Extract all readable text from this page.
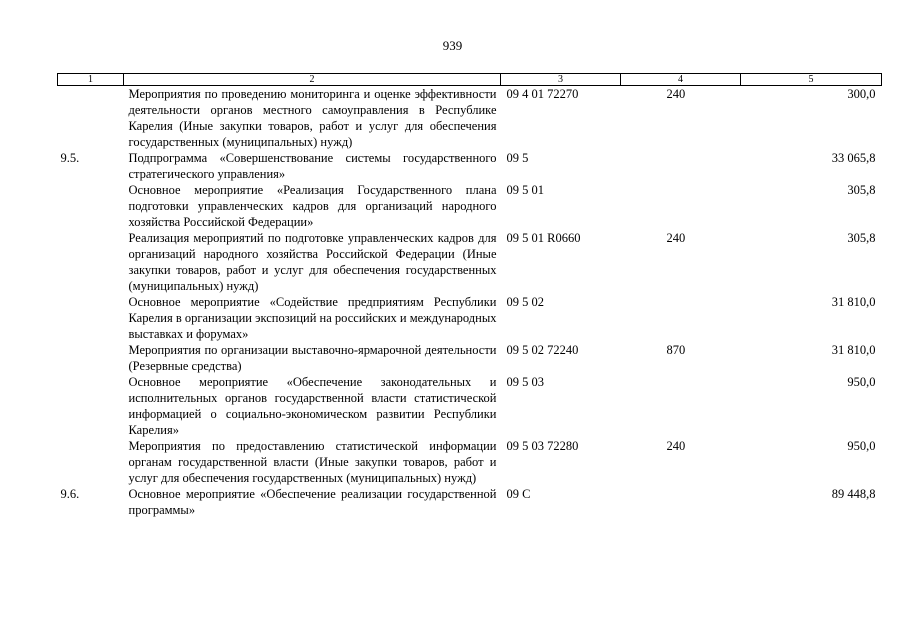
939
1	2	3	4	5
	Мероприятия по проведению мониторинга и оценке эффективности деятельности органов местного самоуправления в Республике Карелия (Иные закупки товаров, работ и услуг для обеспечения государственных (муниципальных) нужд)	09 4 01 72270	240	300,0
9.5.	Подпрограмма «Совершенствование системы государственного стратегического управления»	09 5		33 065,8
	Основное мероприятие «Реализация Государственного плана подготовки управленческих кадров для организаций народного хозяйства Российской Федерации»	09 5 01		305,8
	Реализация мероприятий по подготовке управленческих кадров для организаций народного хозяйства Российской Федерации (Иные закупки товаров, работ и услуг для обеспечения государственных (муниципальных) нужд)	09 5 01 R0660	240	305,8
	Основное мероприятие «Содействие предприятиям Республики Карелия в организации экспозиций на российских и международных выставках и форумах»	09 5 02		31 810,0
	Мероприятия по организации выставочно-ярмарочной деятельности (Резервные средства)	09 5 02 72240	870	31 810,0
	Основное мероприятие «Обеспечение законодательных и исполнительных органов государственной власти статистической информацией о социально-экономическом развитии Республики Карелия»	09 5 03		950,0
	Мероприятия по предоставлению статистической информации органам государственной власти (Иные закупки товаров, работ и услуг для обеспечения государственных (муниципальных) нужд)	09 5 03 72280	240	950,0
9.6.	Основное мероприятие «Обеспечение реализации государственной программы»	09 С		89 448,8
